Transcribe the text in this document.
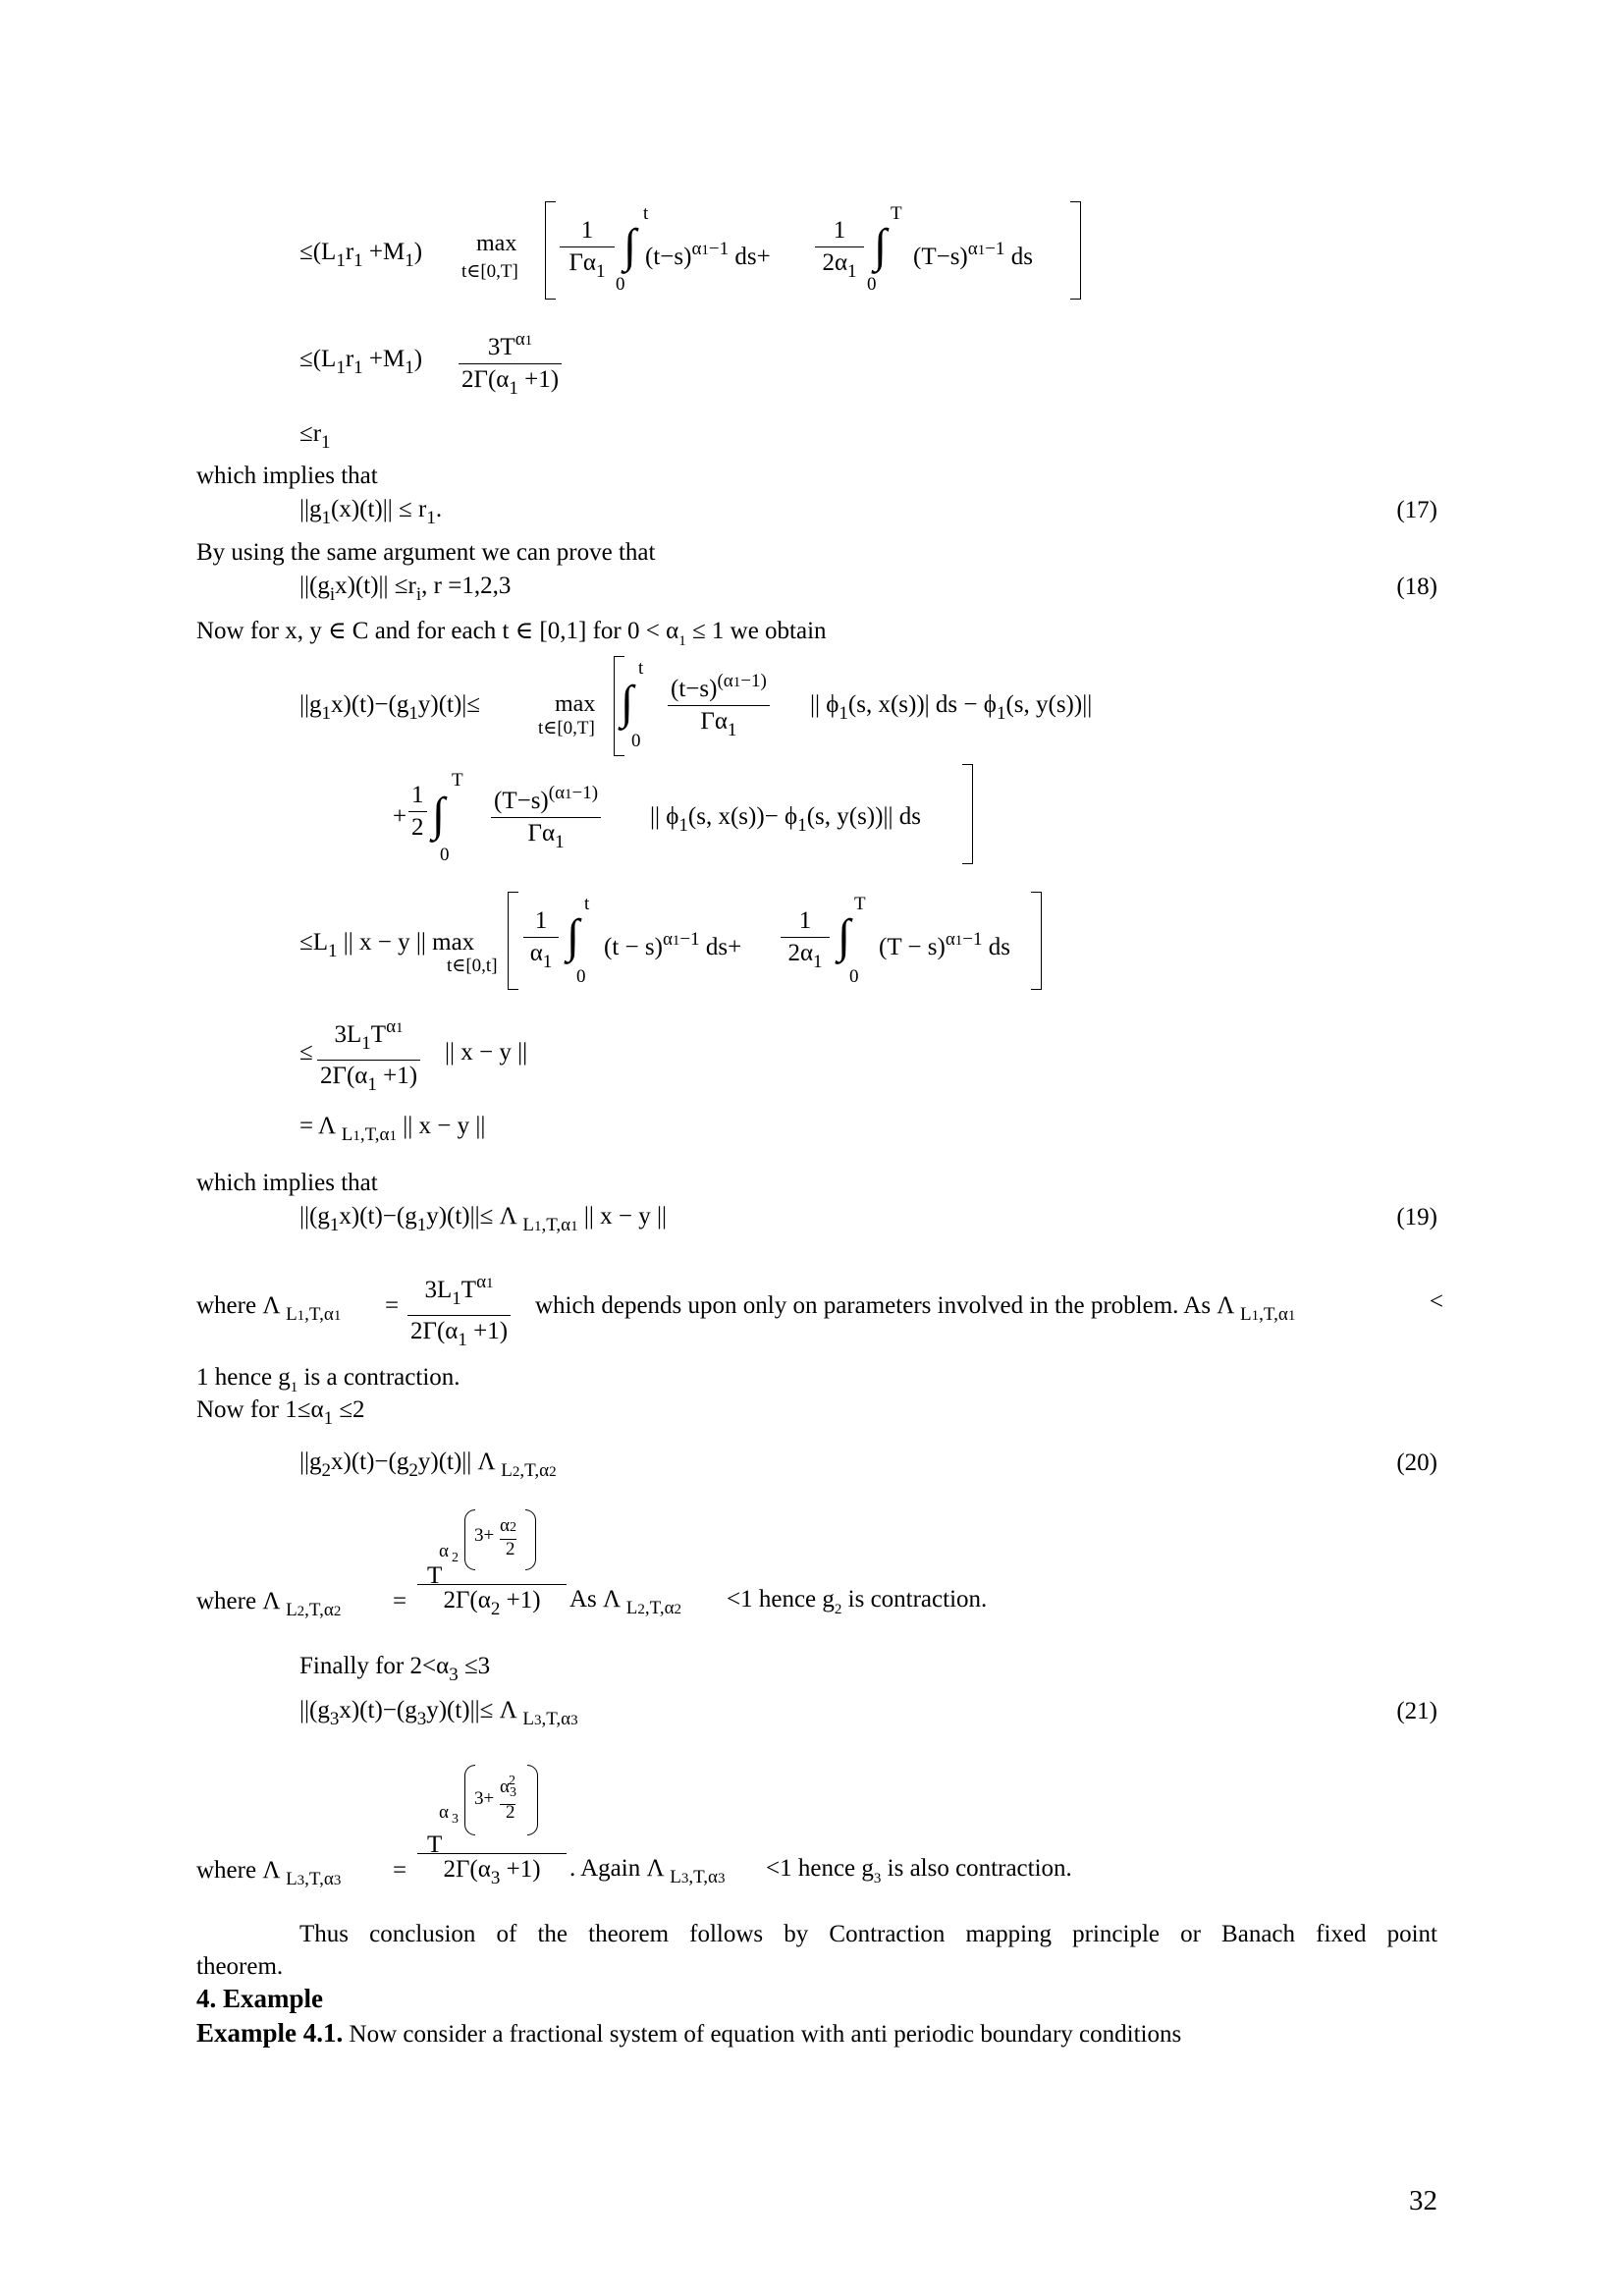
$\le(L_1r_1 +M_1)$ max
t∈[0,T] $\frac{1}{\Gamma\alpha_1}$ ∫
t
0
$(t-s)^{\alpha 1-1}$ $ds+ \frac{1}{2\alpha_1}$ ∫
T
0
$(T-s)^{\alpha 1-1}$ ds
$\le(L_1r_1 +M_1) \frac{3T^{\alpha 1}}{2\Gamma(\alpha_1 +1)}$
$\le r_1$
which implies that
$||g_1(x)(t)|| \le r_1$.	(17)
By using the same argument we can prove that
$||(g_ix)(t)|| \le r_i$, r =1,2,3	(18)
Now for x, y ∈ C and for each t ∈ [0,1] for $0 < \alpha_1 \le 1$ we obtain
$||g_1x)(t)-(g_1y)(t)|\le$	max
t∈[0,T] ∫
t
$0 \frac{(t-s)^{(\alpha 1-1)}}{\Gamma\alpha_1}$ || $\phi_1(s$, x(s))| ds − $\phi_1(s$, y(s))||
+ $\frac{1}{2}$ ∫
T
$0 \frac{(T-s)^{(\alpha 1-1)}}{\Gamma\alpha_1}$ || $\phi_1(s$, $x(s))- \phi_1(s$, y(s))|| ds
$\le L_1$ || x − y || max
t∈[0,t] $\frac{1}{\alpha_1}$ ∫
t
0
$(t - s)^{\alpha 1-1}$ $ds+ \frac{1}{2\alpha_1}$ ∫
T
0
$(T - s)^{\alpha 1-1}$ ds
≤ $\frac{3L_1T^{\alpha 1}}{2\Gamma(\alpha_1 +1)}$ || x − y ||
= Λ $_{L1,T,\alpha 1}$ || x − y ||
which implies that
$||(g_1x)(t)-(g_1y)(t)||\le \Lambda$ $_{L1,T,\alpha 1}$ || x − y ||	(19)
where Λ $_{L1,T,\alpha 1} = \frac{3L_1T^{\alpha 1}}{2\Gamma(\alpha_1 +1)}$ which depends upon only on parameters involved in the problem. As Λ $_{L1,T,\alpha 1}$
<
1 hence $g_1$ is a contraction.
Now for $1\le\alpha_1 \le 2$
$||g_2x)(t)-(g_2y)(t)||$ Λ $_{L2,T,\alpha 2}$	(20)
where Λ $_{L2,T,\alpha 2}$ =
α 2
3+ α2
2
T
$2\Gamma(\alpha_2 +1)$	As Λ $_{L2,T,\alpha 2}$ <1 hence $g_2$ is contraction.
Finally for $2<\alpha_3 \le 3$
$||(g_3x)(t)-(g_3y)(t)||\le \Lambda$ $_{L3,T,\alpha 3}$	(21)
where Λ $_{L3,T,\alpha 3}$ =
α 3
3+
$\alpha_3^2$
2
T
$2\Gamma(\alpha_3 +1)$	. Again Λ $_{L3,T,\alpha 3}$ <1 hence $g_3$ is also contraction.
Thus conclusion of the theorem follows by Contraction mapping principle or Banach fixed point
theorem.
4. Example
Example 4.1. Now consider a fractional system of equation with anti periodic boundary conditions
32
